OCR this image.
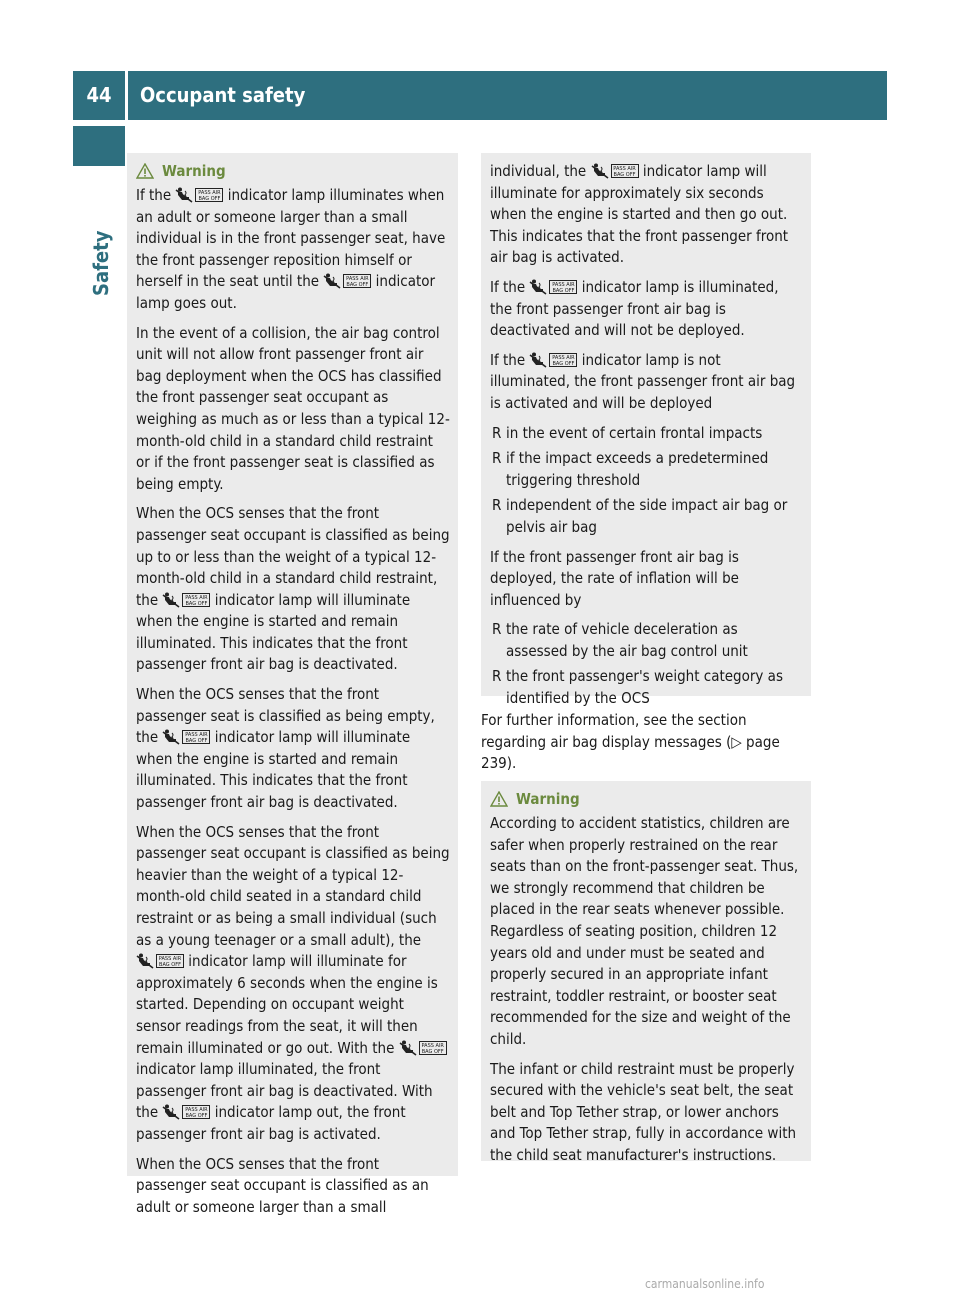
44	Occupant safety
Safety
Warning

If the	PASS AIR BAG OFF indicator lamp illuminates when an adult or someone larger than a small individual is in the front passenger seat, have the front passenger reposition himself or herself in the seat until the	PASS AIR BAG OFF indicator lamp goes out.

In the event of a collision, the air bag control unit will not allow front passenger front air bag deployment when the OCS has classified the front passenger seat occupant as weighing as much as or less than a typical 12-month-old child in a standard child restraint or if the front passenger seat is classified as being empty.

When the OCS senses that the front passenger seat occupant is classified as being up to or less than the weight of a typical 12-month-old child in a standard child restraint, the	PASS AIR BAG OFF indicator lamp will illuminate when the engine is started and remain illuminated. This indicates that the front passenger front air bag is deactivated.

When the OCS senses that the front passenger seat is classified as being empty, the	PASS AIR BAG OFF indicator lamp will illuminate when the engine is started and remain illuminated. This indicates that the front passenger front air bag is deactivated.

When the OCS senses that the front passenger seat occupant is classified as being heavier than the weight of a typical 12-month-old child seated in a standard child restraint or as being a small individual (such as a young teenager or a small adult), the
PASS AIR BAG OFF indicator lamp will illuminate for approximately 6 seconds when the engine is started. Depending on occupant weight sensor readings from the seat, it will then remain illuminated or go out. With the	PASS AIR BAG OFF
indicator lamp illuminated, the front passenger front air bag is deactivated. With the	PASS AIR BAG OFF indicator lamp out, the front passenger front air bag is activated.

When the OCS senses that the front passenger seat occupant is classified as an adult or someone larger than a small

individual, the	PASS AIR BAG OFF indicator lamp will illuminate for approximately six seconds when the engine is started and then go out. This indicates that the front passenger front air bag is activated.

If the	PASS AIR BAG OFF indicator lamp is illuminated, the front passenger front air bag is deactivated and will not be deployed.

If the	PASS AIR BAG OFF indicator lamp is not illuminated, the front passenger front air bag is activated and will be deployed

R in the event of certain frontal impacts
R if the impact exceeds a predetermined triggering threshold
R independent of the side impact air bag or pelvis air bag

If the front passenger front air bag is deployed, the rate of inflation will be influenced by

R the rate of vehicle deceleration as assessed by the air bag control unit
R the front passenger's weight category as identified by the OCS

For further information, see the section regarding air bag display messages (▷ page 239).

Warning

According to accident statistics, children are safer when properly restrained on the rear seats than on the front-passenger seat. Thus, we strongly recommend that children be placed in the rear seats whenever possible. Regardless of seating position, children 12 years old and under must be seated and properly secured in an appropriate infant restraint, toddler restraint, or booster seat recommended for the size and weight of the child.

The infant or child restraint must be properly secured with the vehicle's seat belt, the seat belt and Top Tether strap, or lower anchors and Top Tether strap, fully in accordance with the child seat manufacturer's instructions.

carmanualsonline.info
